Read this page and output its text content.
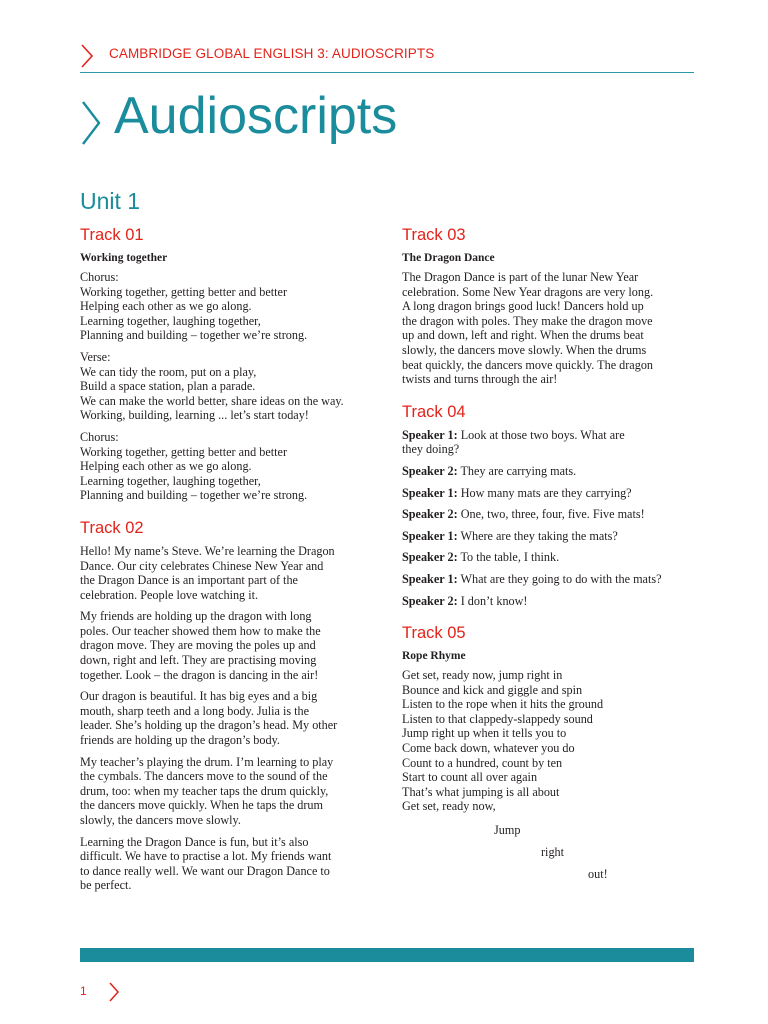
CAMBRIDGE GLOBAL ENGLISH 3: AUDIOSCRIPTS
Audioscripts
Unit 1
Track 01
Working together
Chorus:
Working together, getting better and better
Helping each other as we go along.
Learning together, laughing together,
Planning and building – together we’re strong.
Verse:
We can tidy the room, put on a play,
Build a space station, plan a parade.
We can make the world better, share ideas on the way.
Working, building, learning ... let’s start today!
Chorus:
Working together, getting better and better
Helping each other as we go along.
Learning together, laughing together,
Planning and building – together we’re strong.
Track 02
Hello! My name’s Steve. We’re learning the Dragon
Dance. Our city celebrates Chinese New Year and
the Dragon Dance is an important part of the
celebration. People love watching it.
My friends are holding up the dragon with long
poles. Our teacher showed them how to make the
dragon move. They are moving the poles up and
down, right and left. They are practising moving
together. Look – the dragon is dancing in the air!
Our dragon is beautiful. It has big eyes and a big
mouth, sharp teeth and a long body. Julia is the
leader. She’s holding up the dragon’s head. My other
friends are holding up the dragon’s body.
My teacher’s playing the drum. I’m learning to play
the cymbals. The dancers move to the sound of the
drum, too: when my teacher taps the drum quickly,
the dancers move quickly. When he taps the drum
slowly, the dancers move slowly.
Learning the Dragon Dance is fun, but it’s also
difficult. We have to practise a lot. My friends want
to dance really well. We want our Dragon Dance to
be perfect.
Track 03
The Dragon Dance
The Dragon Dance is part of the lunar New Year
celebration. Some New Year dragons are very long.
A long dragon brings good luck! Dancers hold up
the dragon with poles. They make the dragon move
up and down, left and right. When the drums beat
slowly, the dancers move slowly. When the drums
beat quickly, the dancers move quickly. The dragon
twists and turns through the air!
Track 04
Speaker 1: Look at those two boys. What are
they doing?
Speaker 2: They are carrying mats.
Speaker 1: How many mats are they carrying?
Speaker 2: One, two, three, four, five. Five mats!
Speaker 1: Where are they taking the mats?
Speaker 2: To the table, I think.
Speaker 1: What are they going to do with the mats?
Speaker 2: I don’t know!
Track 05
Rope Rhyme
Get set, ready now, jump right in
Bounce and kick and giggle and spin
Listen to the rope when it hits the ground
Listen to that clappedy-slappedy sound
Jump right up when it tells you to
Come back down, whatever you do
Count to a hundred, count by ten
Start to count all over again
That’s what jumping is all about
Get set, ready now,
Jump
right
out!
1
